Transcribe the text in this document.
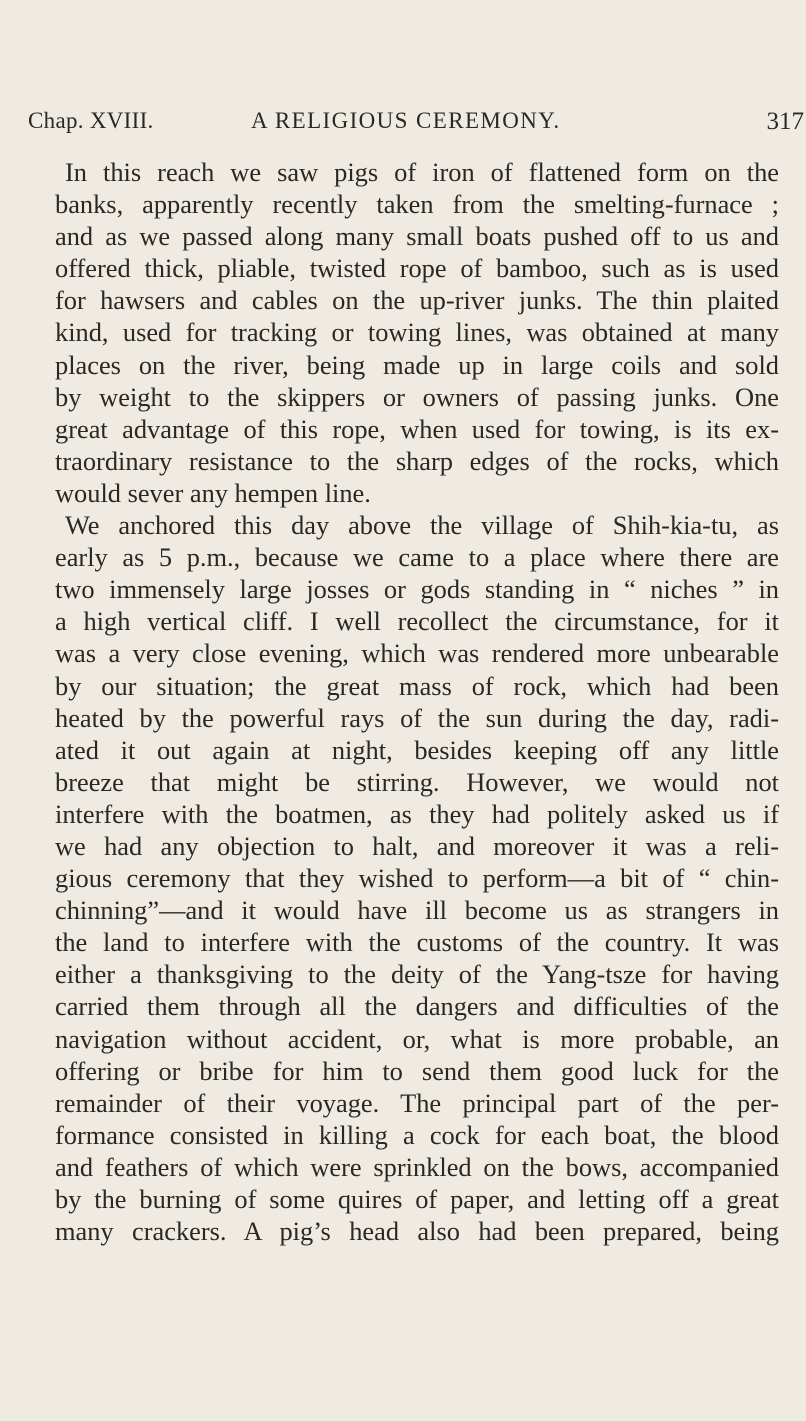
Chap. XVIII.	A RELIGIOUS CEREMONY.	317
In this reach we saw pigs of iron of flattened form on the
banks, apparently recently taken from the smelting-furnace ;
and as we passed along many small boats pushed off to us and
offered thick, pliable, twisted rope of bamboo, such as is used
for hawsers and cables on the up-river junks. The thin plaited
kind, used for tracking or towing lines, was obtained at many
places on the river, being made up in large coils and sold
by weight to the skippers or owners of passing junks. One
great advantage of this rope, when used for towing, is its ex-
traordinary resistance to the sharp edges of the rocks, which
would sever any hempen line.
We anchored this day above the village of Shih-kia-tu, as
early as 5 p.m., because we came to a place where there are
two immensely large josses or gods standing in “ niches ” in
a high vertical cliff. I well recollect the circumstance, for it
was a very close evening, which was rendered more unbearable
by our situation; the great mass of rock, which had been
heated by the powerful rays of the sun during the day, radi-
ated it out again at night, besides keeping off any little
breeze that might be stirring. However, we would not
interfere with the boatmen, as they had politely asked us if
we had any objection to halt, and moreover it was a reli-
gious ceremony that they wished to perform—a bit of “ chin-
chinning”—and it would have ill become us as strangers in
the land to interfere with the customs of the country. It was
either a thanksgiving to the deity of the Yang-tsze for having
carried them through all the dangers and difficulties of the
navigation without accident, or, what is more probable, an
offering or bribe for him to send them good luck for the
remainder of their voyage. The principal part of the per-
formance consisted in killing a cock for each boat, the blood
and feathers of which were sprinkled on the bows, accompanied
by the burning of some quires of paper, and letting off a great
many crackers. A pig’s head also had been prepared, being
